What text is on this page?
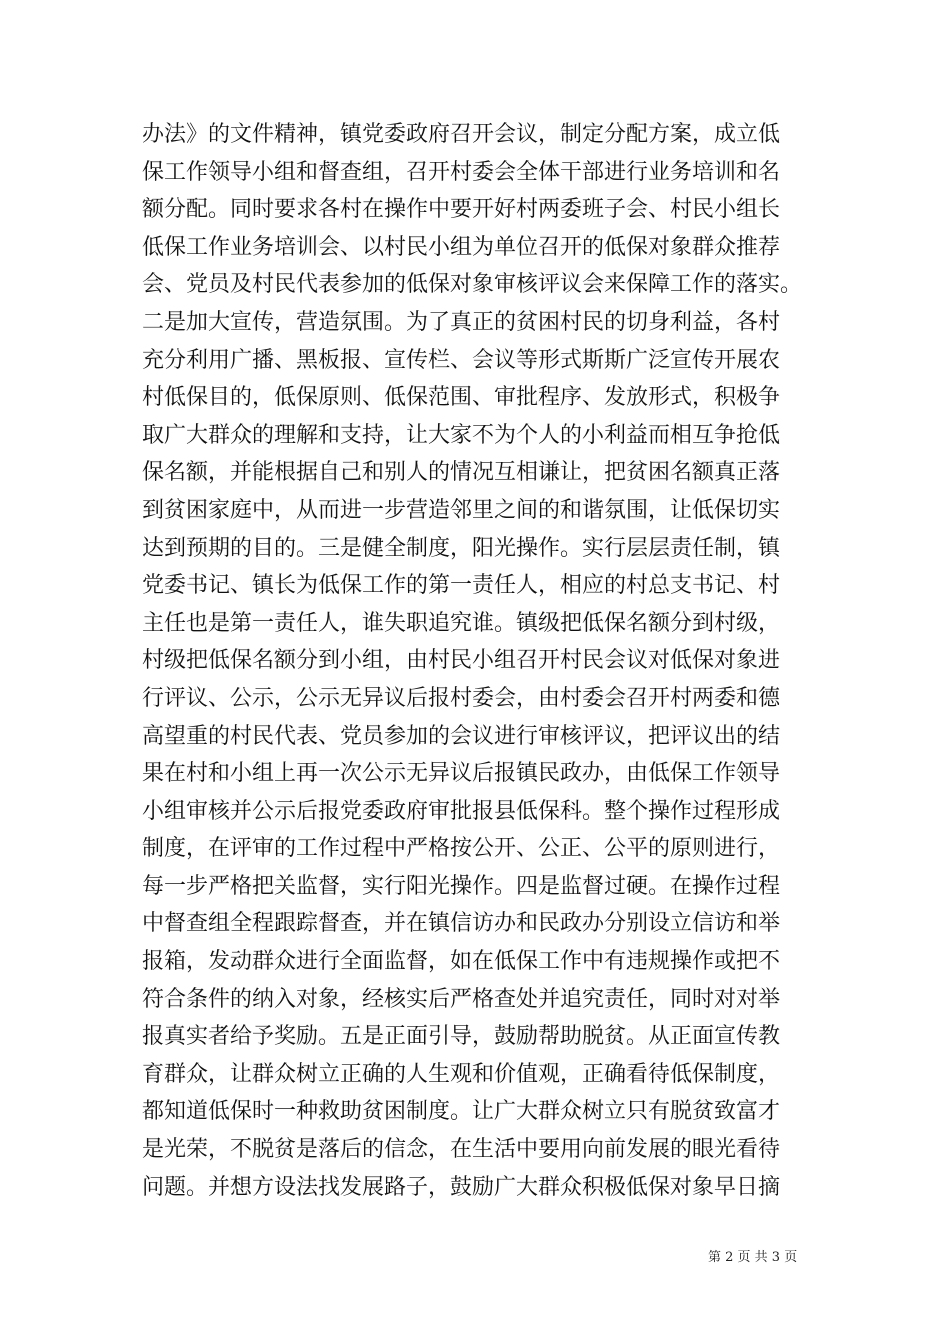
办法》的文件精神，镇党委政府召开会议，制定分配方案，成立低
保工作领导小组和督查组，召开村委会全体干部进行业务培训和名
额分配。同时要求各村在操作中要开好村两委班子会、村民小组长
低保工作业务培训会、以村民小组为单位召开的低保对象群众推荐
会、党员及村民代表参加的低保对象审核评议会来保障工作的落实。
二是加大宣传，营造氛围。为了真正的贫困村民的切身利益，各村
充分利用广播、黑板报、宣传栏、会议等形式斯斯广泛宣传开展农
村低保目的，低保原则、低保范围、审批程序、发放形式，积极争
取广大群众的理解和支持，让大家不为个人的小利益而相互争抢低
保名额，并能根据自己和别人的情况互相谦让，把贫困名额真正落
到贫困家庭中，从而进一步营造邻里之间的和谐氛围，让低保切实
达到预期的目的。三是健全制度，阳光操作。实行层层责任制，镇
党委书记、镇长为低保工作的第一责任人，相应的村总支书记、村
主任也是第一责任人，谁失职追究谁。镇级把低保名额分到村级，
村级把低保名额分到小组，由村民小组召开村民会议对低保对象进
行评议、公示，公示无异议后报村委会，由村委会召开村两委和德
高望重的村民代表、党员参加的会议进行审核评议，把评议出的结
果在村和小组上再一次公示无异议后报镇民政办，由低保工作领导
小组审核并公示后报党委政府审批报县低保科。整个操作过程形成
制度，在评审的工作过程中严格按公开、公正、公平的原则进行，
每一步严格把关监督，实行阳光操作。四是监督过硬。在操作过程
中督查组全程跟踪督查，并在镇信访办和民政办分别设立信访和举
报箱，发动群众进行全面监督，如在低保工作中有违规操作或把不
符合条件的纳入对象，经核实后严格查处并追究责任，同时对对举
报真实者给予奖励。五是正面引导，鼓励帮助脱贫。从正面宣传教
育群众，让群众树立正确的人生观和价值观，正确看待低保制度，
都知道低保时一种救助贫困制度。让广大群众树立只有脱贫致富才
是光荣，不脱贫是落后的信念，在生活中要用向前发展的眼光看待
问题。并想方设法找发展路子，鼓励广大群众积极低保对象早日摘
第 2 页 共 3 页
